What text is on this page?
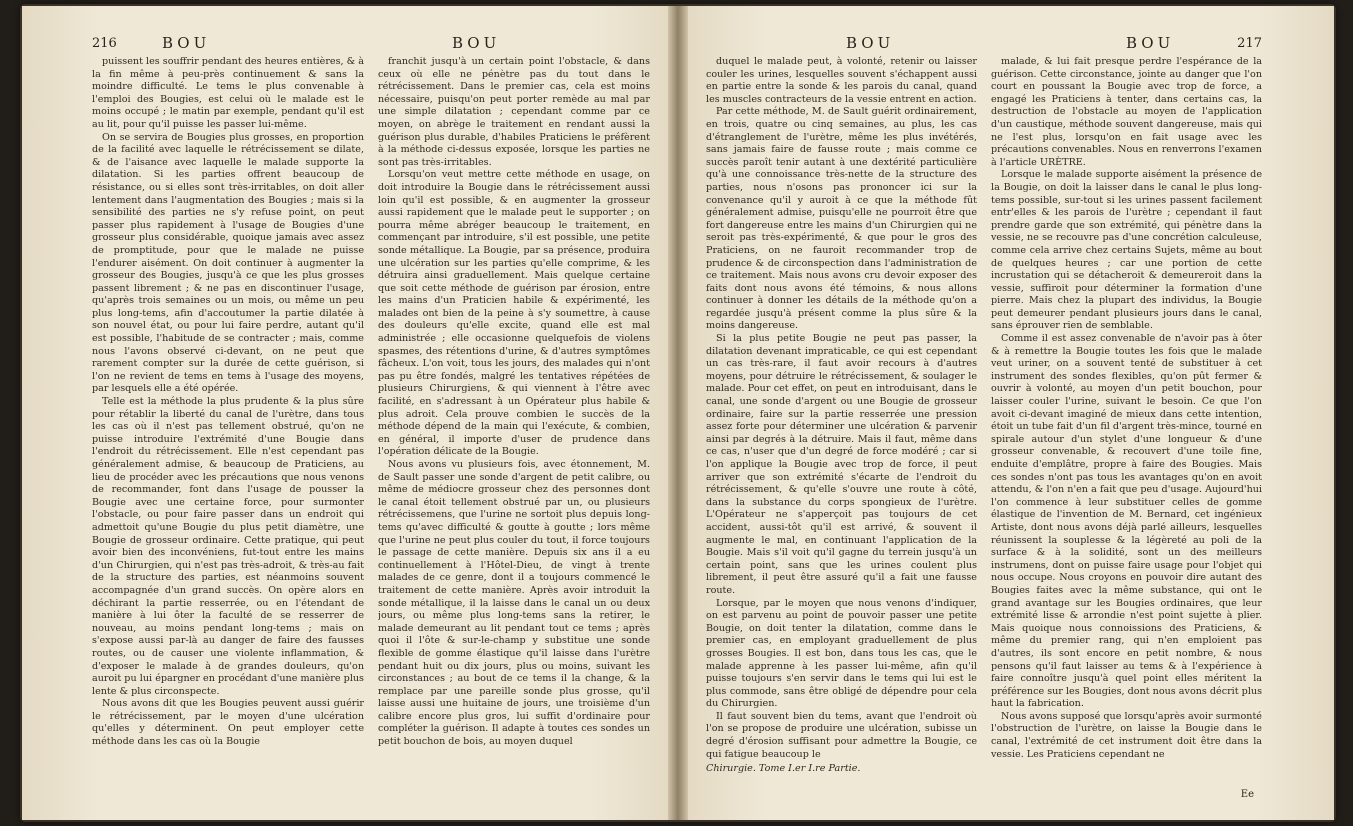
216	BOU	BOU

puissent les souffrir pendant des heures entières, & à la fin même à peu-près continuement & sans la moindre difficulté. Le tems le plus convenable à l'emploi des Bougies, est celui où le malade est le moins occupé ; le matin par exemple, pendant qu'il est au lit, pour qu'il puisse les passer lui-même.

On se servira de Bougies plus grosses, en proportion de la facilité avec laquelle le rétrécissement se dilate, & de l'aisance avec laquelle le malade supporte la dilatation. Si les parties offrent beaucoup de résistance, ou si elles sont très-irritables, on doit aller lentement dans l'augmentation des Bougies ; mais si la sensibilité des parties ne s'y refuse point, on peut passer plus rapidement à l'usage de Bougies d'une grosseur plus considérable, quoique jamais avec assez de promptitude, pour que le malade ne puisse l'endurer aisément. On doit continuer à augmenter la grosseur des Bougies, jusqu'à ce que les plus grosses passent librement ; & ne pas en discontinuer l'usage, qu'après trois semaines ou un mois, ou même un peu plus long-tems, afin d'accoutumer la partie dilatée à son nouvel état, ou pour lui faire perdre, autant qu'il est possible, l'habitude de se contracter ; mais, comme nous l'avons observé ci-devant, on ne peut que rarement compter sur la durée de cette guérison, si l'on ne revient de tems en tems à l'usage des moyens, par lesquels elle a été opérée.

Telle est la méthode la plus prudente & la plus sûre pour rétablir la liberté du canal de l'urètre, dans tous les cas où il n'est pas tellement obstrué, qu'on ne puisse introduire l'extrémité d'une Bougie dans l'endroit du rétrécissement. Elle n'est cependant pas généralement admise, & beaucoup de Praticiens, au lieu de procéder avec les précautions que nous venons de recommander, font dans l'usage de pousser la Bougie avec une certaine force, pour surmonter l'obstacle, ou pour faire passer dans un endroit qui admettoit qu'une Bougie du plus petit diamètre, une Bougie de grosseur ordinaire. Cette pratique, qui peut avoir bien des inconvéniens, fut-tout entre les mains d'un Chirurgien, qui n'est pas très-adroit, & très-au fait de la structure des parties, est néanmoins souvent accompagnée d'un grand succès. On opère alors en déchirant la partie resserrée, ou en l'étendant de manière à lui ôter la faculté de se resserrer de nouveau, au moins pendant long-tems ; mais on s'expose aussi par-là au danger de faire des fausses routes, ou de causer une violente inflammation, & d'exposer le malade à de grandes douleurs, qu'on auroit pu lui épargner en procédant d'une manière plus lente & plus circonspecte.

Nous avons dit que les Bougies peuvent aussi guérir le rétrécissement, par le moyen d'une ulcération qu'elles y déterminent. On peut employer cette méthode dans les cas où la Bougie

franchit jusqu'à un certain point l'obstacle, & dans ceux où elle ne pénètre pas du tout dans le rétrécissement. Dans le premier cas, cela est moins nécessaire, puisqu'on peut porter remède au mal par une simple dilatation ; cependant comme par ce moyen, on abrège le traitement en rendant aussi la guérison plus durable, d'habiles Praticiens le préfèrent à la méthode ci-dessus exposée, lorsque les parties ne sont pas très-irritables.

Lorsqu'on veut mettre cette méthode en usage, on doit introduire la Bougie dans le rétrécissement aussi loin qu'il est possible, & en augmenter la grosseur aussi rapidement que le malade peut le supporter ; on pourra même abréger beaucoup le traitement, en commençant par introduire, s'il est possible, une petite sonde métallique. La Bougie, par sa présence, produira une ulcération sur les parties qu'elle comprime, & les détruira ainsi graduellement. Mais quelque certaine que soit cette méthode de guérison par érosion, entre les mains d'un Praticien habile & expérimenté, les malades ont bien de la peine à s'y soumettre, à cause des douleurs qu'elle excite, quand elle est mal administrée ; elle occasionne quelquefois de violens spasmes, des rétentions d'urine, & d'autres symptômes fâcheux. L'on voit, tous les jours, des malades qui n'ont pas pu être fondés, malgré les tentatives répétées de plusieurs Chirurgiens, & qui viennent à l'être avec facilité, en s'adressant à un Opérateur plus habile & plus adroit. Cela prouve combien le succès de la méthode dépend de la main qui l'exécute, & combien, en général, il importe d'user de prudence dans l'opération délicate de la Bougie.

Nous avons vu plusieurs fois, avec étonnement, M. de Sault passer une sonde d'argent de petit calibre, ou même de médiocre grosseur chez des personnes dont le canal étoit tellement obstrué par un, ou plusieurs rétrécissemens, que l'urine ne sortoit plus depuis long-tems qu'avec difficulté & goutte à goutte ; lors même que l'urine ne peut plus couler du tout, il force toujours le passage de cette manière. Depuis six ans il a eu continuellement à l'Hôtel-Dieu, de vingt à trente malades de ce genre, dont il a toujours commencé le traitement de cette manière. Après avoir introduit la sonde métallique, il la laisse dans le canal un ou deux jours, ou même plus long-tems sans la retirer, le malade demeurant au lit pendant tout ce tems ; après quoi il l'ôte & sur-le-champ y substitue une sonde flexible de gomme élastique qu'il laisse dans l'urètre pendant huit ou dix jours, plus ou moins, suivant les circonstances ; au bout de ce tems il la change, & la remplace par une pareille sonde plus grosse, qu'il laisse aussi une huitaine de jours, une troisième d'un calibre encore plus gros, lui suffit d'ordinaire pour compléter la guérison. Il adapte à toutes ces sondes un petit bouchon de bois, au moyen duquel

BOU	BOU	217

duquel le malade peut, à volonté, retenir ou laisser couler les urines, lesquelles souvent s'échappent aussi en partie entre la sonde & les parois du canal, quand les muscles contracteurs de la vessie entrent en action.

Par cette méthode, M. de Sault guérit ordinairement, en trois, quatre ou cinq semaines, au plus, les cas d'étranglement de l'urètre, même les plus invétérés, sans jamais faire de fausse route ; mais comme ce succès paroît tenir autant à une dextérité particulière qu'à une connoissance très-nette de la structure des parties, nous n'osons pas prononcer ici sur la convenance qu'il y auroit à ce que la méthode fût généralement admise, puisqu'elle ne pourroit être que fort dangereuse entre les mains d'un Chirurgien qui ne seroit pas très-expérimenté, & que pour le gros des Praticiens, on ne fauroit recommander trop de prudence & de circonspection dans l'administration de ce traitement. Mais nous avons cru devoir exposer des faits dont nous avons été témoins, & nous allons continuer à donner les détails de la méthode qu'on a regardée jusqu'à présent comme la plus sûre & la moins dangereuse.

Si la plus petite Bougie ne peut pas passer, la dilatation devenant impraticable, ce qui est cependant un cas très-rare, il faut avoir recours à d'autres moyens, pour détruire le rétrécissement, & soulager le malade. Pour cet effet, on peut en introduisant, dans le canal, une sonde d'argent ou une Bougie de grosseur ordinaire, faire sur la partie resserrée une pression assez forte pour déterminer une ulcération & parvenir ainsi par degrés à la détruire. Mais il faut, même dans ce cas, n'user que d'un degré de force modéré ; car si l'on applique la Bougie avec trop de force, il peut arriver que son extrémité s'écarte de l'endroit du rétrécissement, & qu'elle s'ouvre une route à côté, dans la substance du corps spongieux de l'urètre. L'Opérateur ne s'apperçoit pas toujours de cet accident, aussi-tôt qu'il est arrivé, & souvent il augmente le mal, en continuant l'application de la Bougie. Mais s'il voit qu'il gagne du terrein jusqu'à un certain point, sans que les urines coulent plus librement, il peut être assuré qu'il a fait une fausse route.

Lorsque, par le moyen que nous venons d'indiquer, on est parvenu au point de pouvoir passer une petite Bougie, on doit tenter la dilatation, comme dans le premier cas, en employant graduellement de plus grosses Bougies. Il est bon, dans tous les cas, que le malade apprenne à les passer lui-même, afin qu'il puisse toujours s'en servir dans le tems qui lui est le plus commode, sans être obligé de dépendre pour cela du Chirurgien.

Il faut souvent bien du tems, avant que l'endroit où l'on se propose de produire une ulcération, subisse un degré d'érosion suffisant pour admettre la Bougie, ce qui fatigue beaucoup le

Chirurgie. Tome I.er I.re Partie.

malade, & lui fait presque perdre l'espérance de la guérison. Cette circonstance, jointe au danger que l'on court en poussant la Bougie avec trop de force, a engagé les Praticiens à tenter, dans certains cas, la destruction de l'obstacle au moyen de l'application d'un caustique, méthode souvent dangereuse, mais qui ne l'est plus, lorsqu'on en fait usage avec les précautions convenables. Nous en renverrons l'examen à l'article URÈTRE.

Lorsque le malade supporte aisément la présence de la Bougie, on doit la laisser dans le canal le plus long-tems possible, sur-tout si les urines passent facilement entr'elles & les parois de l'urètre ; cependant il faut prendre garde que son extrémité, qui pénètre dans la vessie, ne se recouvre pas d'une concrétion calculeuse, comme cela arrive chez certains Sujets, même au bout de quelques heures ; car une portion de cette incrustation qui se détacheroit & demeureroit dans la vessie, suffiroit pour déterminer la formation d'une pierre. Mais chez la plupart des individus, la Bougie peut demeurer pendant plusieurs jours dans le canal, sans éprouver rien de semblable.

Comme il est assez convenable de n'avoir pas à ôter & à remettre la Bougie toutes les fois que le malade veut uriner, on a souvent tenté de substituer à cet instrument des sondes flexibles, qu'on pût fermer & ouvrir à volonté, au moyen d'un petit bouchon, pour laisser couler l'urine, suivant le besoin. Ce que l'on avoit ci-devant imaginé de mieux dans cette intention, étoit un tube fait d'un fil d'argent très-mince, tourné en spirale autour d'un stylet d'une longueur & d'une grosseur convenable, & recouvert d'une toile fine, enduite d'emplâtre, propre à faire des Bougies. Mais ces sondes n'ont pas tous les avantages qu'on en avoit attendu, & l'on n'en a fait que peu d'usage. Aujourd'hui l'on commence à leur substituer celles de gomme élastique de l'invention de M. Bernard, cet ingénieux Artiste, dont nous avons déjà parlé ailleurs, lesquelles réunissent la souplesse & la légèreté au poli de la surface & à la solidité, sont un des meilleurs instrumens, dont on puisse faire usage pour l'objet qui nous occupe. Nous croyons en pouvoir dire autant des Bougies faites avec la même substance, qui ont le grand avantage sur les Bougies ordinaires, que leur extrémité lisse & arrondie n'est point sujette à plier. Mais quoique nous connoissions des Praticiens, & même du premier rang, qui n'en emploient pas d'autres, ils sont encore en petit nombre, & nous pensons qu'il faut laisser au tems & à l'expérience à faire connoître jusqu'à quel point elles méritent la préférence sur les Bougies, dont nous avons décrit plus haut la fabrication.

Nous avons supposé que lorsqu'après avoir surmonté l'obstruction de l'urètre, on laisse la Bougie dans le canal, l'extrémité de cet instrument doit être dans la vessie. Les Praticiens cependant ne

Ee
